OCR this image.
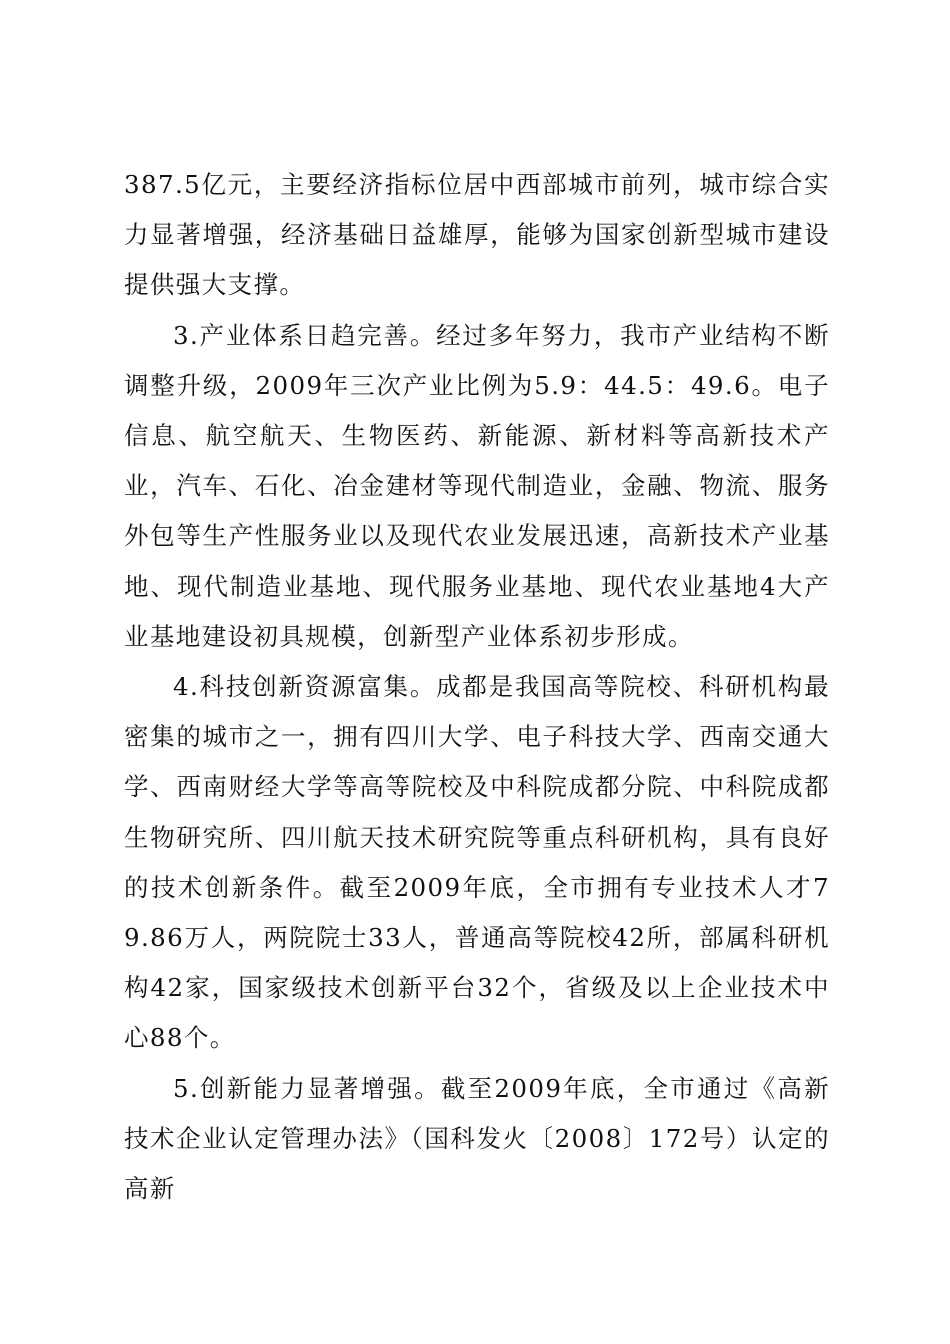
387.5亿元，主要经济指标位居中西部城市前列，城市综合实力显著增强，经济基础日益雄厚，能够为国家创新型城市建设提供强大支撑。

3.产业体系日趋完善。经过多年努力，我市产业结构不断调整升级，2009年三次产业比例为5.9：44.5：49.6。电子信息、航空航天、生物医药、新能源、新材料等高新技术产业，汽车、石化、冶金建材等现代制造业，金融、物流、服务外包等生产性服务业以及现代农业发展迅速，高新技术产业基地、现代制造业基地、现代服务业基地、现代农业基地4大产业基地建设初具规模，创新型产业体系初步形成。

4.科技创新资源富集。成都是我国高等院校、科研机构最密集的城市之一，拥有四川大学、电子科技大学、西南交通大学、西南财经大学等高等院校及中科院成都分院、中科院成都生物研究所、四川航天技术研究院等重点科研机构，具有良好的技术创新条件。截至2009年底，全市拥有专业技术人才79.86万人，两院院士33人，普通高等院校42所，部属科研机构42家，国家级技术创新平台32个，省级及以上企业技术中心88个。

5.创新能力显著增强。截至2009年底，全市通过《高新技术企业认定管理办法》（国科发火〔2008〕172号）认定的高新
